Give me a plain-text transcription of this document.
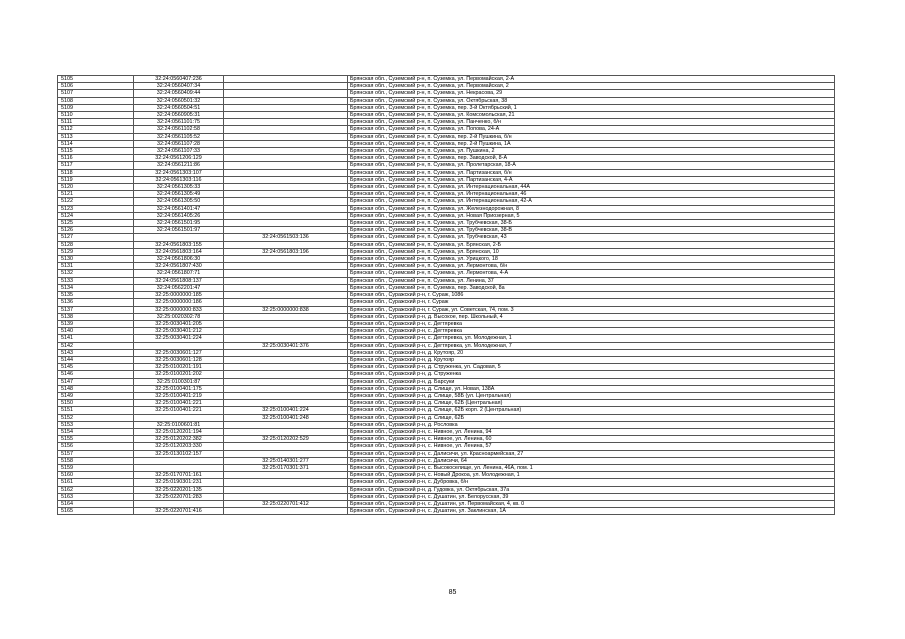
5105	32:24:0560407:236		Брянская обл., Суземский р-н, п. Суземка, ул. Первомайская, 2-А
5106	32:24:0560407:34		Брянская обл., Суземский р-н, п. Суземка, ул. Первомайская, 2
5107	32:24:0560409:44		Брянская обл., Суземский р-н, п. Суземка, ул. Некрасова, 29
5108	32:24:0560501:32		Брянская обл., Суземский р-н, п. Суземка, ул. Октябрьская, 38
5109	32:24:0560504:51		Брянская обл., Суземский р-н, п. Суземка, пер. 3-й Октябрьский, 1
5110	32:24:0560905:31		Брянская обл., Суземский р-н, п. Суземка, ул. Комсомольская, 21
5111	32:24:0561101:75		Брянская обл., Суземский р-н, п. Суземка, ул. Панченко, б/н
5112	32:24:0561102:58		Брянская обл., Суземский р-н, п. Суземка, ул. Попова, 24-А
5113	32:24:0561105:52		Брянская обл., Суземский р-н, п. Суземка, пер. 2-й Пушкина, б/н
5114	32:24:0561107:28		Брянская обл., Суземский р-н, п. Суземка, пер. 2-й Пушкина, 1А
5115	32:24:0561107:33		Брянская обл., Суземский р-н, п. Суземка, ул. Пушкина, 2
5116	32:24:0561206:129		Брянская обл., Суземский р-н, п. Суземка, пер. Заводской, 8-А
5117	32:24:0561211:86		Брянская обл., Суземский р-н, п. Суземка, ул. Пролетарская, 18-А
5118	32:24:0561303:107		Брянская обл., Суземский р-н, п. Суземка, ул. Партизанская, б/н
5119	32:24:0561303:116		Брянская обл., Суземский р-н, п. Суземка, ул. Партизанская, 4-А
5120	32:24:0561305:33		Брянская обл., Суземский р-н, п. Суземка, ул. Интернациональная, 44А
5121	32:24:0561305:49		Брянская обл., Суземский р-н, п. Суземка, ул. Интернациональная, 46
5122	32:24:0561305:50		Брянская обл., Суземский р-н, п. Суземка, ул. Интернациональная, 42-А
5123	32:24:0561401:47		Брянская обл., Суземский р-н, п. Суземка, ул. Железнодорожная, 8
5124	32:24:0561405:26		Брянская обл., Суземский р-н, п. Суземка, ул. Новая Приозерная, 5
5125	32:24:0561501:95		Брянская обл., Суземский р-н, п. Суземка, ул. Трубчевская, 38-Б
5126	32:24:0561501:97		Брянская обл., Суземский р-н, п. Суземка, ул. Трубчевская, 38-В
5127		32:24:0561503:136	Брянская обл., Суземский р-н, п. Суземка, ул. Трубчевская, 43
5128	32:24:0561803:155		Брянская обл., Суземский р-н, п. Суземка, ул. Брянская, 2-Б
5129	32:24:0561803:164	32:24:0561803:196	Брянская обл., Суземский р-н, п. Суземка, ул. Брянская, 10
5130	32:24:0561806:30		Брянская обл., Суземский р-н, п. Суземка, ул. Урицкого, 18
5131	32:24:0561807:430		Брянская обл., Суземский р-н, п. Суземка, ул. Лермонтова, б/н
5132	32:24:0561807:71		Брянская обл., Суземский р-н, п. Суземка, ул. Лермонтова, 4-А
5133	32:24:0561808:137		Брянская обл., Суземский р-н, п. Суземка, ул. Ленина, 37
5134	32:24:0562201:47		Брянская обл., Суземский р-н, п. Суземка, пер. Заводской, 8а
5135	32:25:0000000:185		Брянская обл., Суражский р-н, г. Сураж, 1086
5136	32:25:0000000:186		Брянская обл., Суражский р-н, г. Сураж
5137	32:25:0000000:833	32:25:0000000:838	Брянская обл., Суражский р-н, г. Сураж, ул. Советская, 74, пом. 3
5138	32:25:0020302:78		Брянская обл., Суражский р-н, д. Высокое, пер. Школьный, 4
5139	32:25:0030401:205		Брянская обл., Суражский р-н, с. Дегтяревка
5140	32:25:0030401:212		Брянская обл., Суражский р-н, с. Дегтяревка
5141	32:25:0030401:224		Брянская обл., Суражский р-н, с. Дегтяревка, ул. Молодежная, 1
5142		32:25:0030401:376	Брянская обл., Суражский р-н, с. Дегтяревка, ул. Молодежная, 7
5143	32:25:0030601:127		Брянская обл., Суражский р-н, д. Крутояр, 20
5144	32:25:0030601:128		Брянская обл., Суражский р-н, д. Крутояр
5145	32:25:0100201:191		Брянская обл., Суражский р-н, д. Струженка, ул. Садовая, 5
5146	32:25:0100201:202		Брянская обл., Суражский р-н, д. Струженка
5147	32:25:0100301:87		Брянская обл., Суражский р-н, д. Барсуки
5148	32:25:0100401:175		Брянская обл., Суражский р-н, д. Слище, ул. Новая, 138А
5149	32:25:0100401:219		Брянская обл., Суражский р-н, д. Слище, 58Б (ул. Центральная)
5150	32:25:0100401:221		Брянская обл., Суражский р-н, д. Слище, 62Б (Центральная)
5151	32:25:0100401:221	32:25:0100401:224	Брянская обл., Суражский р-н, д. Слище, 62Б корп. 2 (Центральная)
5152		32:25:0100401:248	Брянская обл., Суражский р-н, д. Слище, 62Б
5153	32:25:0100601:81		Брянская обл., Суражский р-н, д. Рословка
5154	32:25:0120201:194		Брянская обл., Суражский р-н, с. Нивное, ул. Ленина, 94
5155	32:25:0120202:382	32:25:0120202:529	Брянская обл., Суражский р-н, с. Нивное, ул. Ленина, 60
5156	32:25:0120203:330		Брянская обл., Суражский р-н, с. Нивное, ул. Ленина, 57
5157	32:25:0130102:157		Брянская обл., Суражский р-н, с. Далисичи, ул. Красноармейская, 27
5158		32:25:0140301:277	Брянская обл., Суражский р-н, с. Далисичи, 64
5159		32:25:0170301:371	Брянская обл., Суражский р-н, с. Высокоселище, ул. Ленина, 46А, пом. 1
5160	32:25:0170701:161		Брянская обл., Суражский р-н, с. Новый Дрокоа, ул. Молодежная, 1
5161	32:25:0190301:231		Брянская обл., Суражский р-н, с. Дубровка, б/н
5162	32:25:0220201:135		Брянская обл., Суражский р-н, д. Гудовка, ул. Октябрьская, 37а
5163	32:25:0220701:283		Брянская обл., Суражский р-н, с. Душатин, ул. Белорусская, 39
5164		32:25:0220701:412	Брянская обл., Суражский р-н, с. Душатин, ул. Первомайская, 4, кв. 0
5165	32:25:0220701:416		Брянская обл., Суражский р-н, с. Душатин, ул. Заклинская, 1А
85
